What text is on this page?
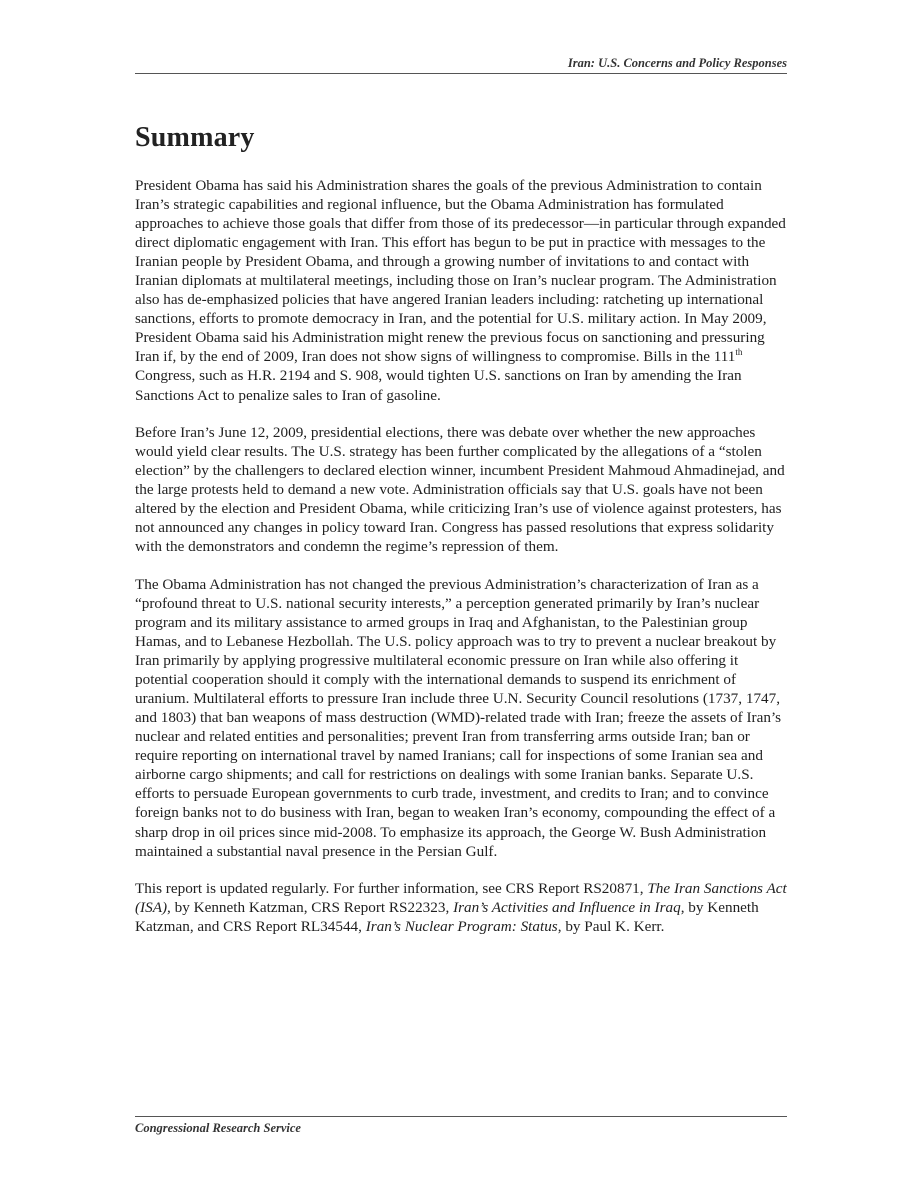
Iran: U.S. Concerns and Policy Responses
Summary

President Obama has said his Administration shares the goals of the previous Administration to contain Iran’s strategic capabilities and regional influence, but the Obama Administration has formulated approaches to achieve those goals that differ from those of its predecessor—in particular through expanded direct diplomatic engagement with Iran. This effort has begun to be put in practice with messages to the Iranian people by President Obama, and through a growing number of invitations to and contact with Iranian diplomats at multilateral meetings, including those on Iran’s nuclear program. The Administration also has de-emphasized policies that have angered Iranian leaders including: ratcheting up international sanctions, efforts to promote democracy in Iran, and the potential for U.S. military action. In May 2009, President Obama said his Administration might renew the previous focus on sanctioning and pressuring Iran if, by the end of 2009, Iran does not show signs of willingness to compromise. Bills in the 111th Congress, such as H.R. 2194 and S. 908, would tighten U.S. sanctions on Iran by amending the Iran Sanctions Act to penalize sales to Iran of gasoline.

Before Iran’s June 12, 2009, presidential elections, there was debate over whether the new approaches would yield clear results. The U.S. strategy has been further complicated by the allegations of a “stolen election” by the challengers to declared election winner, incumbent President Mahmoud Ahmadinejad, and the large protests held to demand a new vote. Administration officials say that U.S. goals have not been altered by the election and President Obama, while criticizing Iran’s use of violence against protesters, has not announced any changes in policy toward Iran. Congress has passed resolutions that express solidarity with the demonstrators and condemn the regime’s repression of them.

The Obama Administration has not changed the previous Administration’s characterization of Iran as a “profound threat to U.S. national security interests,” a perception generated primarily by Iran’s nuclear program and its military assistance to armed groups in Iraq and Afghanistan, to the Palestinian group Hamas, and to Lebanese Hezbollah. The U.S. policy approach was to try to prevent a nuclear breakout by Iran primarily by applying progressive multilateral economic pressure on Iran while also offering it potential cooperation should it comply with the international demands to suspend its enrichment of uranium. Multilateral efforts to pressure Iran include three U.N. Security Council resolutions (1737, 1747, and 1803) that ban weapons of mass destruction (WMD)-related trade with Iran; freeze the assets of Iran’s nuclear and related entities and personalities; prevent Iran from transferring arms outside Iran; ban or require reporting on international travel by named Iranians; call for inspections of some Iranian sea and airborne cargo shipments; and call for restrictions on dealings with some Iranian banks. Separate U.S. efforts to persuade European governments to curb trade, investment, and credits to Iran; and to convince foreign banks not to do business with Iran, began to weaken Iran’s economy, compounding the effect of a sharp drop in oil prices since mid-2008. To emphasize its approach, the George W. Bush Administration maintained a substantial naval presence in the Persian Gulf.

This report is updated regularly. For further information, see CRS Report RS20871, The Iran Sanctions Act (ISA), by Kenneth Katzman, CRS Report RS22323, Iran’s Activities and Influence in Iraq, by Kenneth Katzman, and CRS Report RL34544, Iran’s Nuclear Program: Status, by Paul K. Kerr.

Congressional Research Service
